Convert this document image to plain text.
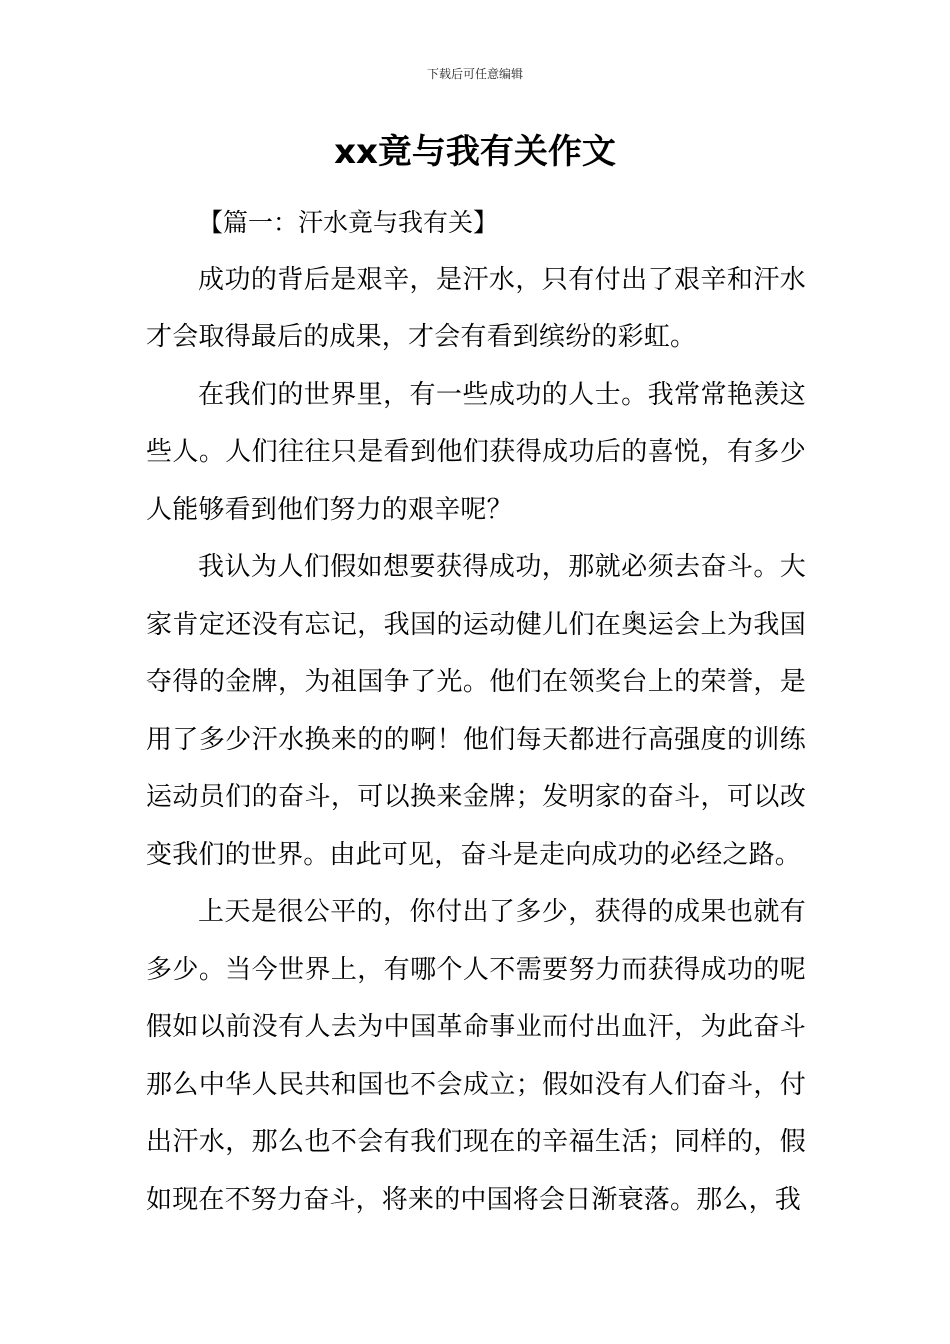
下载后可任意编辑
xx竟与我有关作文

【篇一：汗水竟与我有关】

成功的背后是艰辛，是汗水，只有付出了艰辛和汗水才会取得最后的成果，才会有看到缤纷的彩虹。

在我们的世界里，有一些成功的人士。我常常艳羡这些人。人们往往只是看到他们获得成功后的喜悦，有多少人能够看到他们努力的艰辛呢？

我认为人们假如想要获得成功，那就必须去奋斗。大家肯定还没有忘记，我国的运动健儿们在奥运会上为我国夺得的金牌，为祖国争了光。他们在领奖台上的荣誉，是用了多少汗水换来的的啊！他们每天都进行高强度的训练运动员们的奋斗，可以换来金牌；发明家的奋斗，可以改变我们的世界。由此可见，奋斗是走向成功的必经之路。

上天是很公平的，你付出了多少，获得的成果也就有多少。当今世界上，有哪个人不需要努力而获得成功的呢假如以前没有人去为中国革命事业而付出血汗，为此奋斗那么中华人民共和国也不会成立；假如没有人们奋斗，付出汗水，那么也不会有我们现在的辛福生活；同样的，假如现在不努力奋斗，将来的中国将会日渐衰落。那么，我
